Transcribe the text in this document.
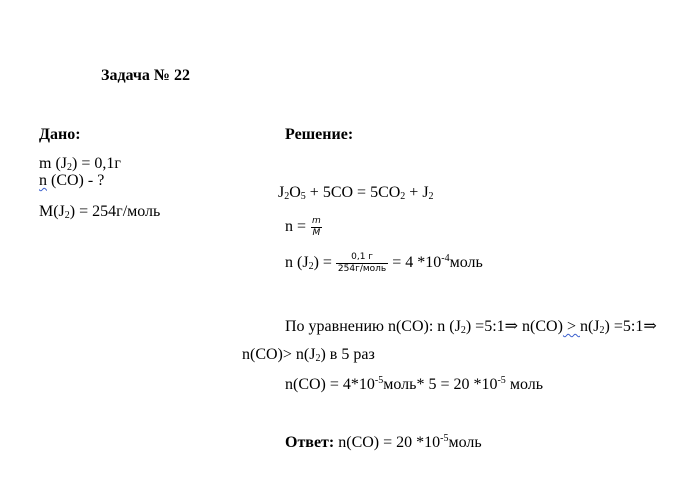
Задача № 22
Дано:
m $(J_2) = 0,1г$
n (CO) - ?
$M(J_2)$ = 254г/моль
Решение:
$J_2O_5 + 5CO = 5CO_2 + J_2$
$n = \frac{m}{M}$
n $(J_2) = \frac{0,1 г}{\text{254г/моль}} = 4$ $*10^{-4}моль$
По уравнению n(CO): n $(J_2)$ =5:1⇒ $n(CO) > n(J_2)$ =5:1⇒
$n(CO)> n(J_2)$ в 5 раз
$n(CO) = 4*10^{-5}моль*$ 5 = 20 $*10^{-5}$ моль
Ответ: n(CO) = 20 $*10^{-5}моль$
